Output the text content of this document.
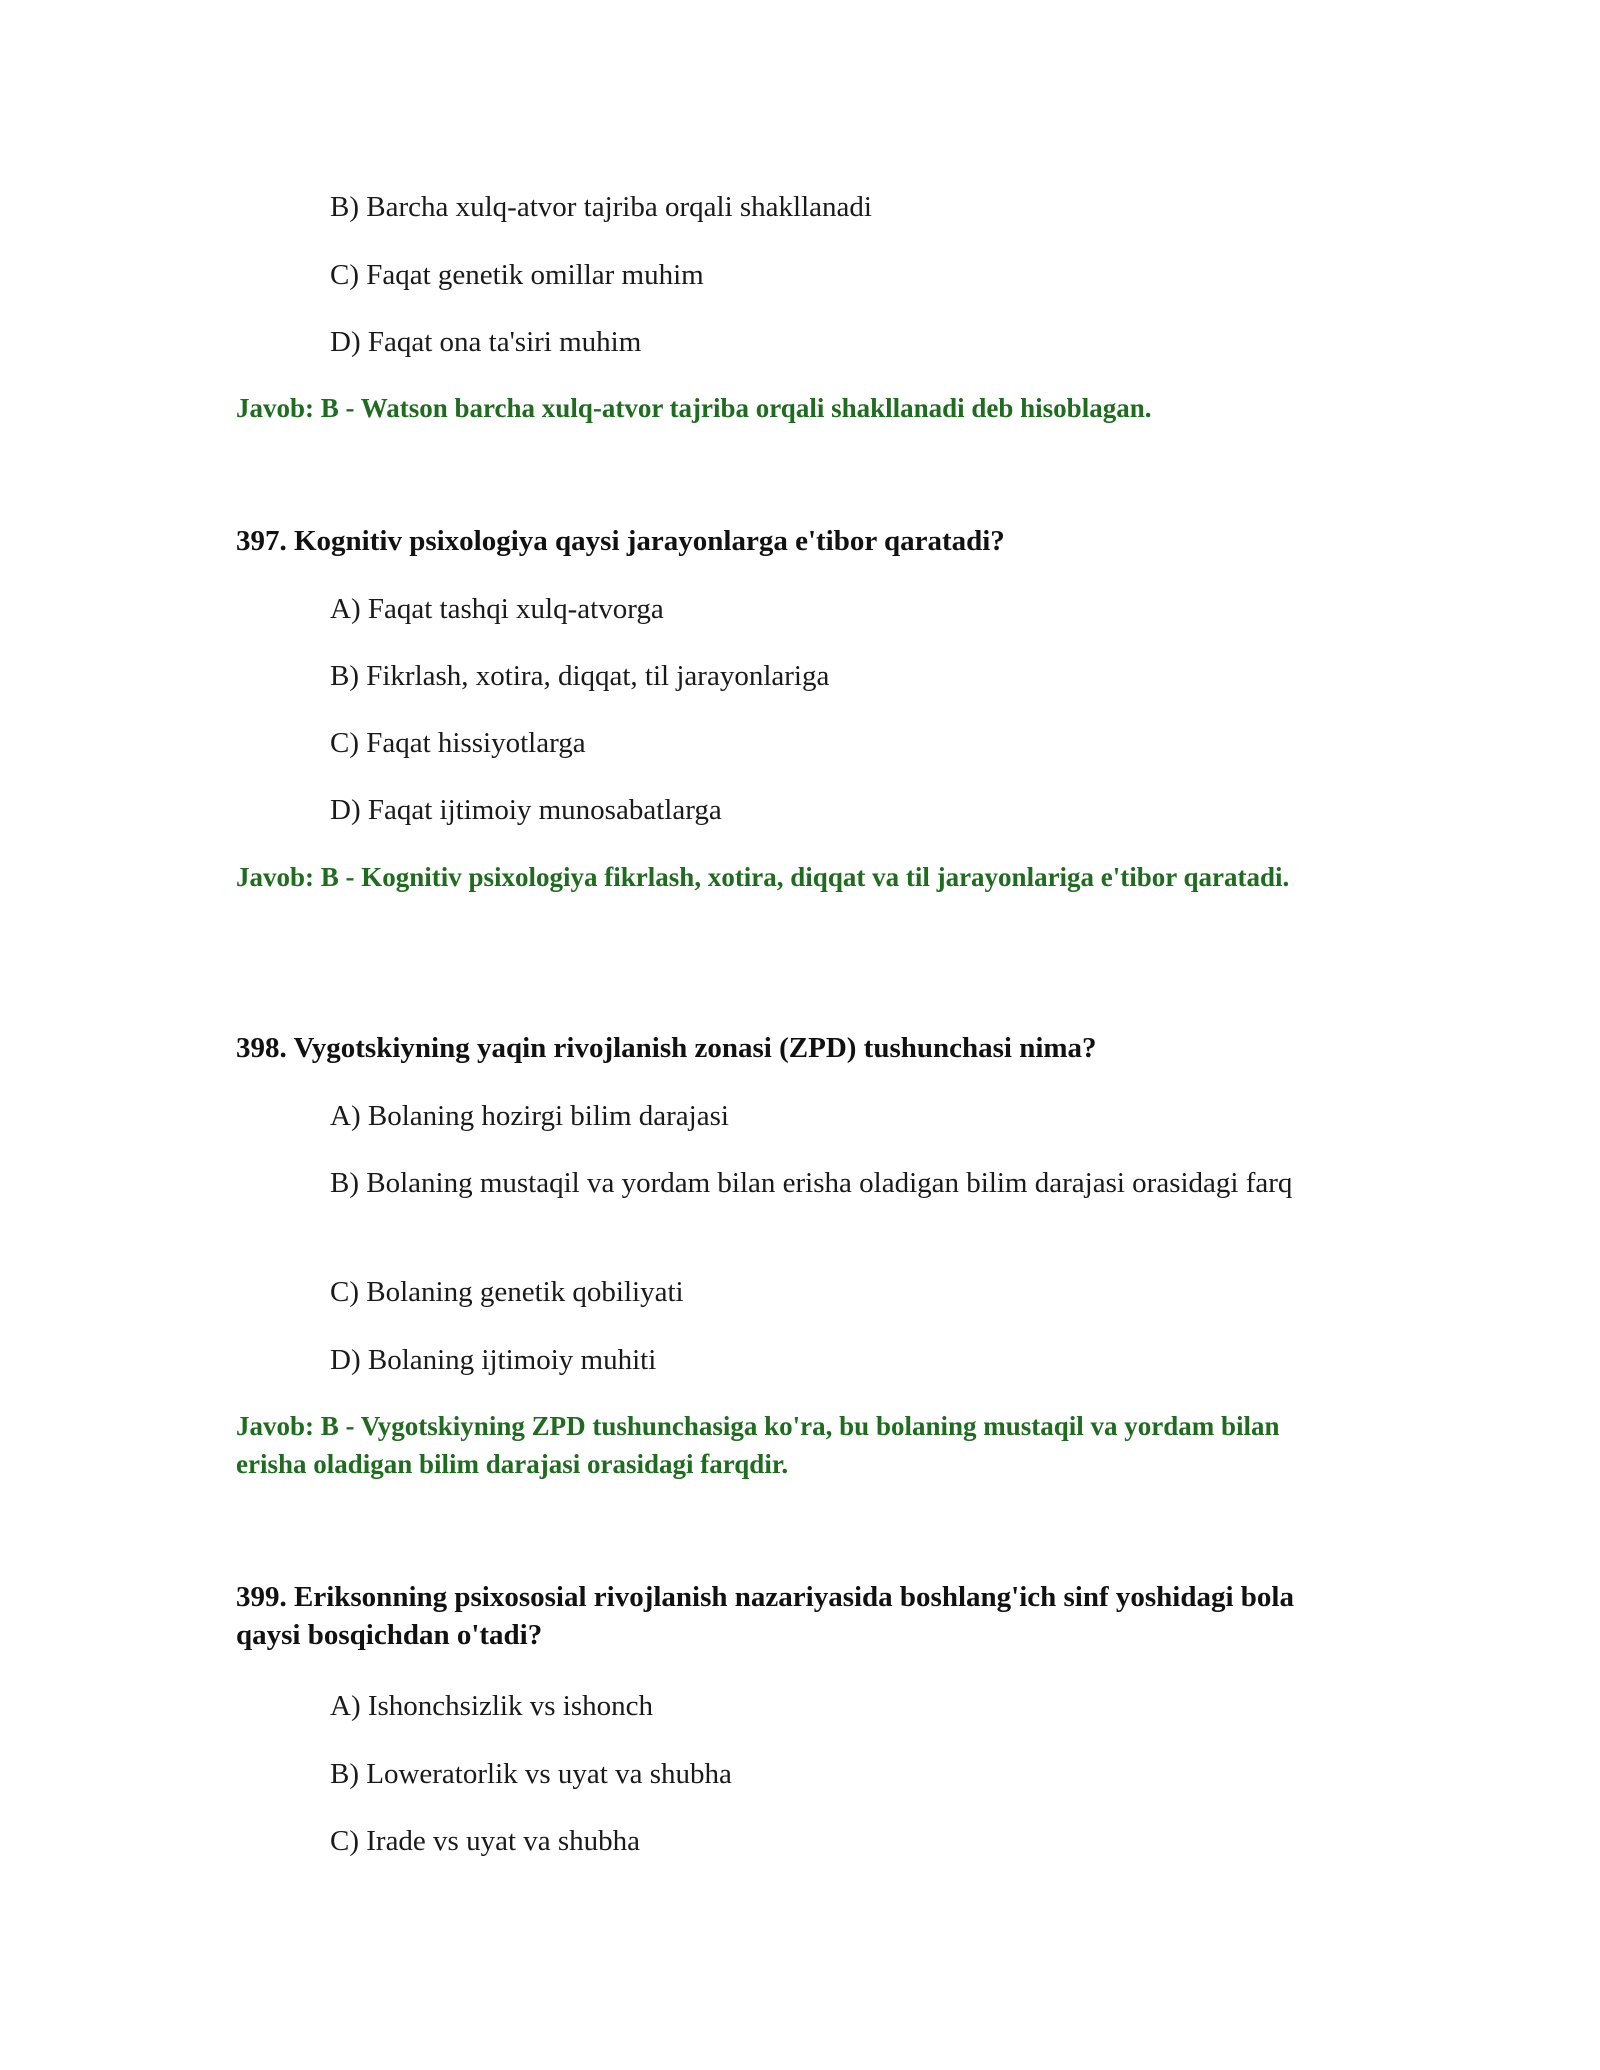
B) Barcha xulq-atvor tajriba orqali shakllanadi
C) Faqat genetik omillar muhim
D) Faqat ona ta'siri muhim
Javob: B - Watson barcha xulq-atvor tajriba orqali shakllanadi deb hisoblagan.
397. Kognitiv psixologiya qaysi jarayonlarga e'tibor qaratadi?
A) Faqat tashqi xulq-atvorga
B) Fikrlash, xotira, diqqat, til jarayonlariga
C) Faqat hissiyotlarga
D) Faqat ijtimoiy munosabatlarga
Javob: B - Kognitiv psixologiya fikrlash, xotira, diqqat va til jarayonlariga e'tibor qaratadi.
398. Vygotskiyning yaqin rivojlanish zonasi (ZPD) tushunchasi nima?
A) Bolaning hozirgi bilim darajasi
B) Bolaning mustaqil va yordam bilan erisha oladigan bilim darajasi orasidagi farq
C) Bolaning genetik qobiliyati
D) Bolaning ijtimoiy muhiti
Javob: B - Vygotskiyning ZPD tushunchasiga ko'ra, bu bolaning mustaqil va yordam bilan erisha oladigan bilim darajasi orasidagi farqdir.
399. Eriksonning psixososial rivojlanish nazariyasida boshlang'ich sinf yoshidagi bola qaysi bosqichdan o'tadi?
A) Ishonchsizlik vs ishonch
B) Loweratorlik vs uyat va shubha
C) Irade vs uyat va shubha
